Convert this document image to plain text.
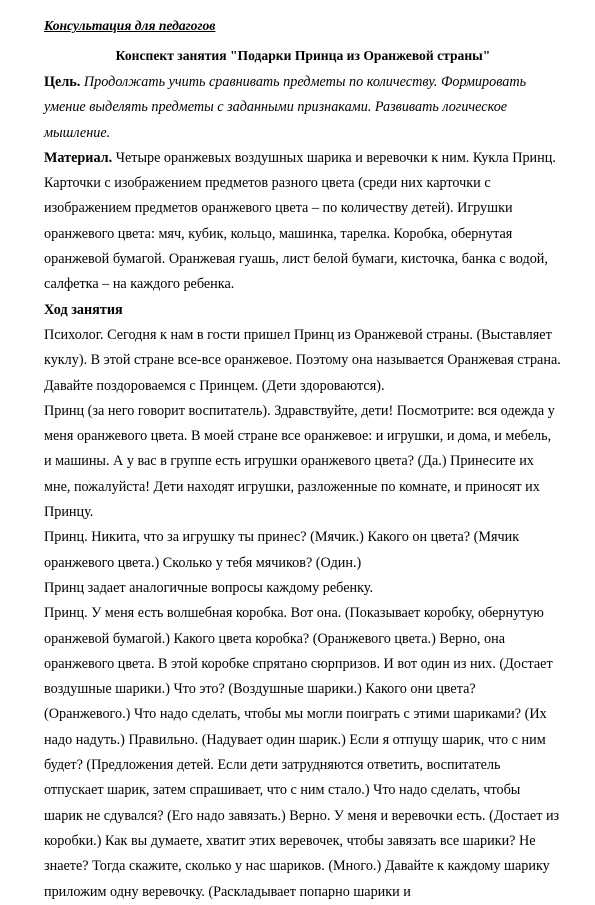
Консультация для педагогов

Конспект занятия "Подарки Принца из Оранжевой страны"

Цель. Продолжать учить сравнивать предметы по количеству. Формировать умение выделять предметы с заданными признаками. Развивать логическое мышление.

Материал. Четыре оранжевых воздушных шарика и веревочки к ним. Кукла Принц. Карточки с изображением предметов разного цвета (среди них карточки с изображением предметов оранжевого цвета – по количеству детей). Игрушки оранжевого цвета: мяч, кубик, кольцо, машинка, тарелка. Коробка, обернутая оранжевой бумагой. Оранжевая гуашь, лист белой бумаги, кисточка, банка с водой, салфетка – на каждого ребенка.

Ход занятия

Психолог. Сегодня к нам в гости пришел Принц из Оранжевой страны. (Выставляет куклу). В этой стране все-все оранжевое. Поэтому она называется Оранжевая страна. Давайте поздороваемся с Принцем. (Дети здороваются).

Принц (за него говорит воспитатель). Здравствуйте, дети! Посмотрите: вся одежда у меня оранжевого цвета. В моей стране все оранжевое: и игрушки, и дома, и мебель, и машины. А у вас в группе есть игрушки оранжевого цвета? (Да.) Принесите их мне, пожалуйста! Дети находят игрушки, разложенные по комнате, и приносят их Принцу.

Принц. Никита, что за игрушку ты принес? (Мячик.) Какого он цвета? (Мячик оранжевого цвета.) Сколько у тебя мячиков? (Один.)

Принц задает аналогичные вопросы каждому ребенку.

Принц. У меня есть волшебная коробка. Вот она. (Показывает коробку, обернутую оранжевой бумагой.) Какого цвета коробка? (Оранжевого цвета.) Верно, она оранжевого цвета. В этой коробке спрятано сюрпризов. И вот один из них. (Достает воздушные шарики.) Что это? (Воздушные шарики.) Какого они цвета? (Оранжевого.) Что надо сделать, чтобы мы могли поиграть с этими шариками? (Их надо надуть.) Правильно. (Надувает один шарик.) Если я отпущу шарик, что с ним будет? (Предложения детей. Если дети затрудняются ответить, воспитатель отпускает шарик, затем спрашивает, что с ним стало.) Что надо сделать, чтобы шарик не сдувался? (Его надо завязать.) Верно. У меня и веревочки есть. (Достает из коробки.) Как вы думаете, хватит этих веревочек, чтобы завязать все шарики? Не знаете? Тогда скажите, сколько у нас шариков. (Много.) Давайте к каждому шарику приложим одну веревочку. (Раскладывает попарно шарики и
